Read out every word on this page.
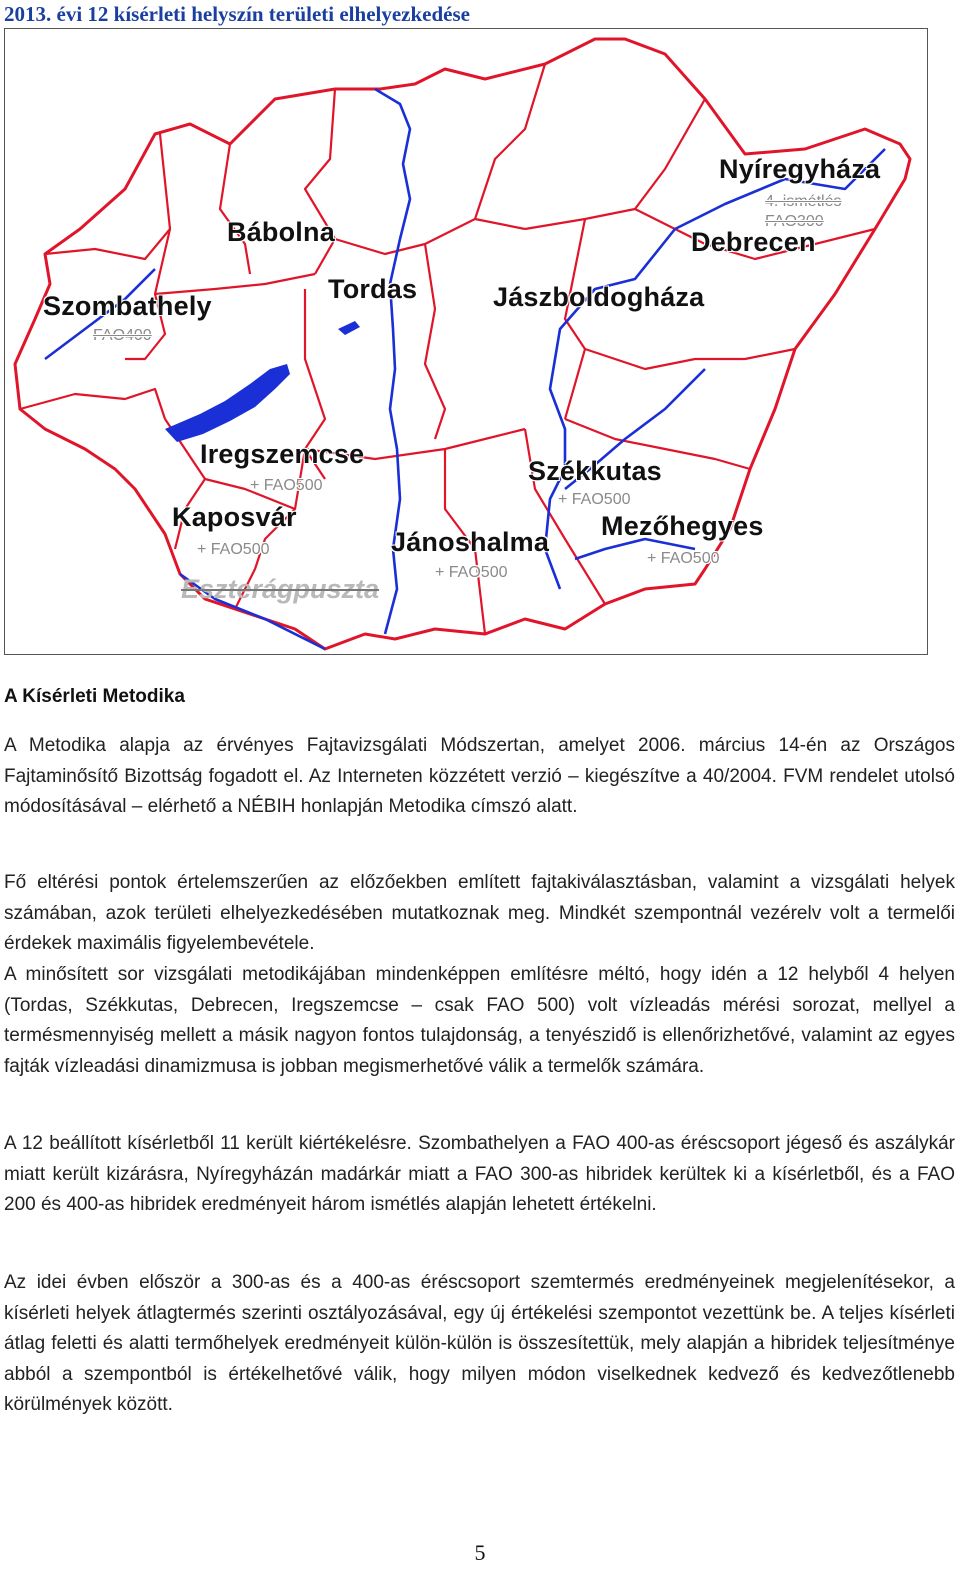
2013. évi 12 kísérleti helyszín területi elhelyezkedése
Nyíregyháza
4. ismétlés
FAO300
Debrecen
Bábolna
Tordas
Szombathely
FAO400
Jászboldogháza
Iregszemcse
+ FAO500	Székkutas
+ FAO500
Kaposvár
+ FAO500
Mezőhegyes
+ FAO500
Jánoshalma
+ FAO500
Eszterágpuszta
A Kísérleti Metodika

A Metodika alapja az érvényes Fajtavizsgálati Módszertan, amelyet 2006. március 14-én az Országos Fajtaminősítő Bizottság fogadott el. Az Interneten közzétett verzió – kiegészítve a 40/2004. FVM rendelet utolsó módosításával – elérhető a NÉBIH honlapján Metodika címszó alatt.

Fő eltérési pontok értelemszerűen az előzőekben említett fajtakiválasztásban, valamint a vizsgálati helyek számában, azok területi elhelyezkedésében mutatkoznak meg. Mindkét szempontnál vezérelv volt a termelői érdekek maximális figyelembevétele.

A minősített sor vizsgálati metodikájában mindenképpen említésre méltó, hogy idén a 12 helyből 4 helyen (Tordas, Székkutas, Debrecen, Iregszemcse – csak FAO 500) volt vízleadás mérési sorozat, mellyel a termésmennyiség mellett a másik nagyon fontos tulajdonság, a tenyészidő is ellenőrizhetővé, valamint az egyes fajták vízleadási dinamizmusa is jobban megismerhetővé válik a termelők számára.

A 12 beállított kísérletből 11 került kiértékelésre. Szombathelyen a FAO 400-as éréscsoport jégeső és aszálykár miatt került kizárásra, Nyíregyházán madárkár miatt a FAO 300-as hibridek kerültek ki a kísérletből, és a FAO 200 és 400-as hibridek eredményeit három ismétlés alapján lehetett értékelni.

Az idei évben először a 300-as és a 400-as éréscsoport szemtermés eredményeinek megjelenítésekor, a kísérleti helyek átlagtermés szerinti osztályozásával, egy új értékelési szempontot vezettünk be. A teljes kísérleti átlag feletti és alatti termőhelyek eredményeit külön-külön is összesítettük, mely alapján a hibridek teljesítménye abból a szempontból is értékelhetővé válik, hogy milyen módon viselkednek kedvező és kedvezőtlenebb körülmények között.

5
